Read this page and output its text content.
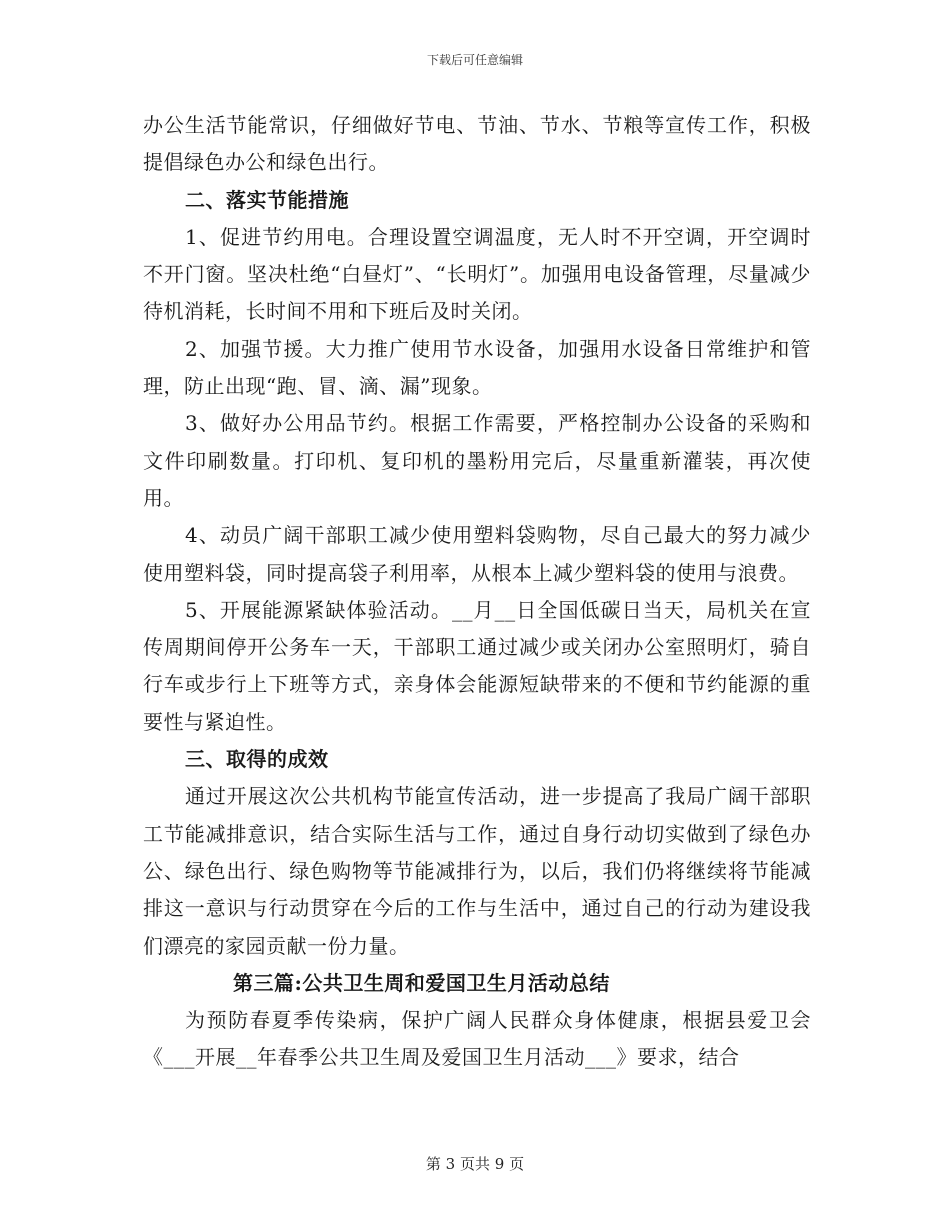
下载后可任意编辑

办公生活节能常识，仔细做好节电、节油、节水、节粮等宣传工作，积极提倡绿色办公和绿色出行。

二、落实节能措施

1、促进节约用电。合理设置空调温度，无人时不开空调，开空调时不开门窗。坚决杜绝“白昼灯”、“长明灯”。加强用电设备管理，尽量减少待机消耗，长时间不用和下班后及时关闭。

2、加强节援。大力推广使用节水设备，加强用水设备日常维护和管理，防止出现“跑、冒、滴、漏”现象。

3、做好办公用品节约。根据工作需要，严格控制办公设备的采购和文件印刷数量。打印机、复印机的墨粉用完后，尽量重新灌装，再次使用。

4、动员广阔干部职工减少使用塑料袋购物，尽自己最大的努力减少使用塑料袋，同时提高袋子利用率，从根本上减少塑料袋的使用与浪费。

5、开展能源紧缺体验活动。__月__日全国低碳日当天，局机关在宣传周期间停开公务车一天，干部职工通过减少或关闭办公室照明灯，骑自行车或步行上下班等方式，亲身体会能源短缺带来的不便和节约能源的重要性与紧迫性。

三、取得的成效

通过开展这次公共机构节能宣传活动，进一步提高了我局广阔干部职工节能减排意识，结合实际生活与工作，通过自身行动切实做到了绿色办公、绿色出行、绿色购物等节能减排行为，以后，我们仍将继续将节能减排这一意识与行动贯穿在今后的工作与生活中，通过自己的行动为建设我们漂亮的家园贡献一份力量。

第三篇:公共卫生周和爱国卫生月活动总结

为预防春夏季传染病，保护广阔人民群众身体健康，根据县爱卫会《___开展__年春季公共卫生周及爱国卫生月活动___》要求，结合

第 3 页共 9 页
